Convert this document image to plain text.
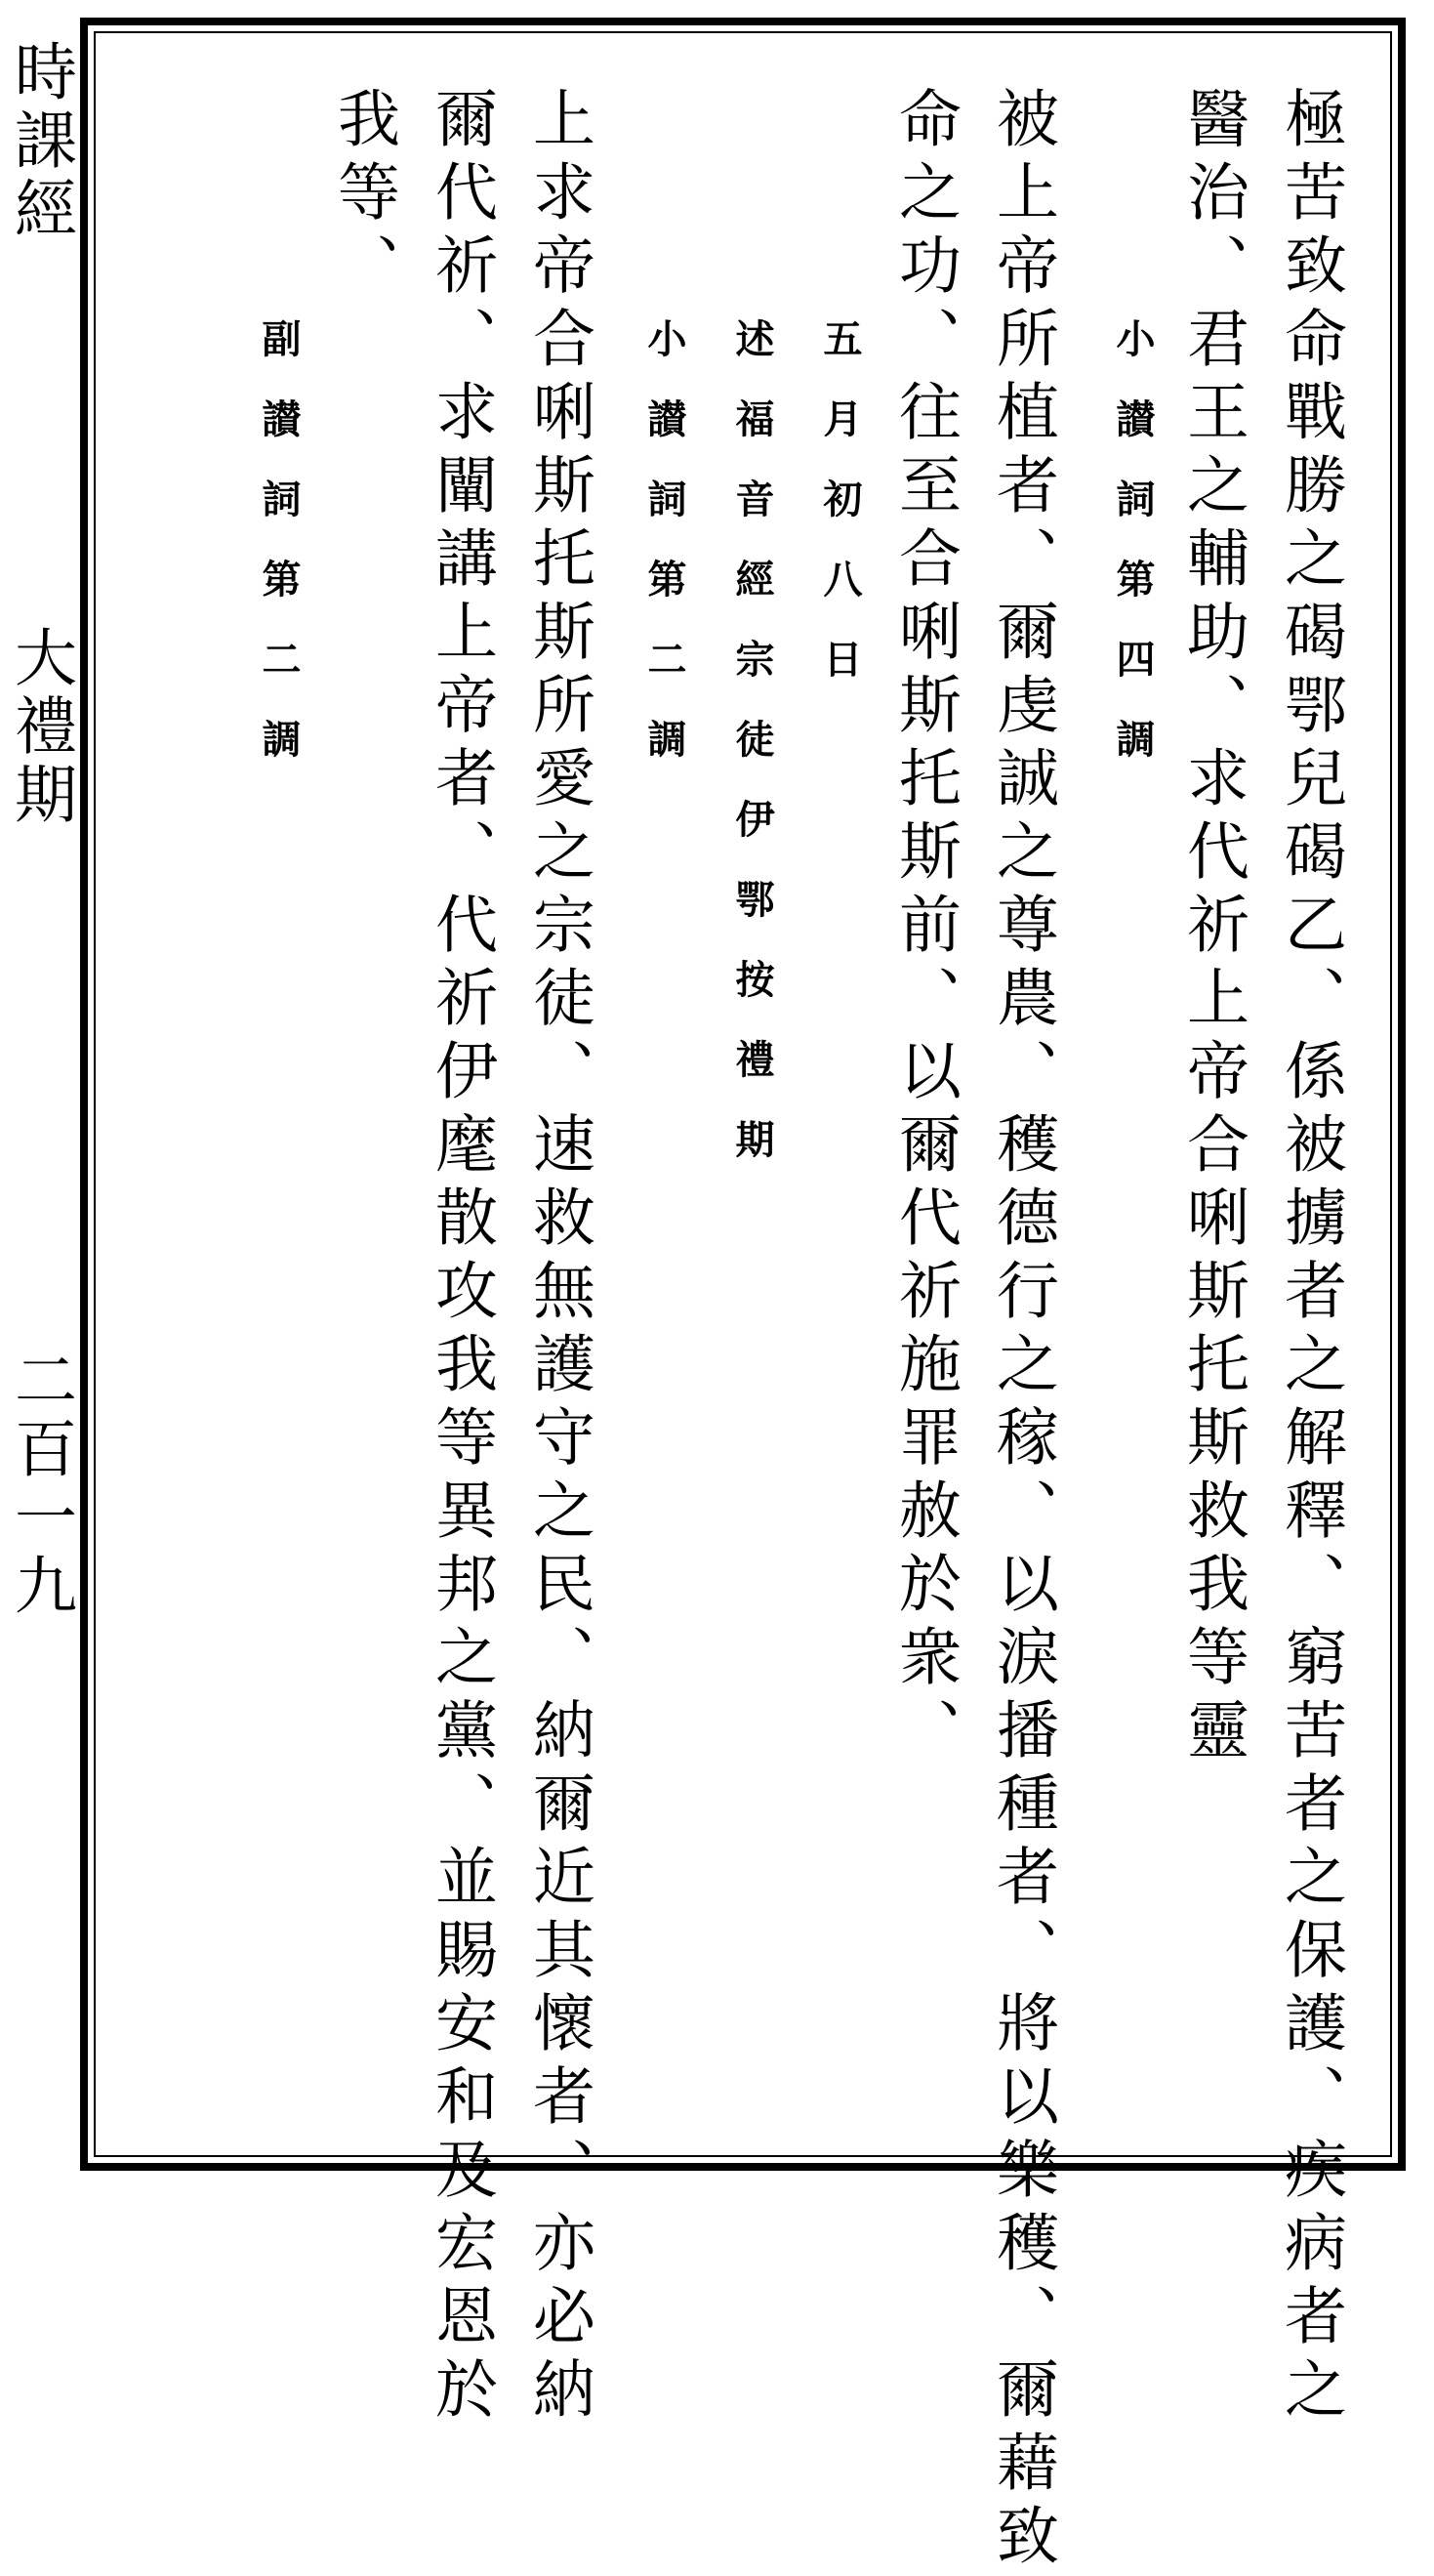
時課經
大禮期
二百一九	極苦致命戰勝之碣鄂兒碣乙、係被擄者之解釋、窮苦者之保護、疾病者之
醫治、君王之輔助、求代祈上帝合唎斯托斯救我等靈
小讃詞第四調
被上帝所植者、爾虔誠之尊農、穫德行之稼、以淚播種者、將以樂穫、爾藉致
命之功、往至合唎斯托斯前、以爾代祈施罪赦於衆、
五月初八日
述福音經宗徒伊鄂按禮期
小讃詞第二調
上求帝合唎斯托斯所愛之宗徒、速救無護守之民、納爾近其懷者、亦必納
爾代祈、求闡講上帝者、代祈伊麾散攻我等異邦之黨、並賜安和及宏恩於
我等、
副讃詞第二調
